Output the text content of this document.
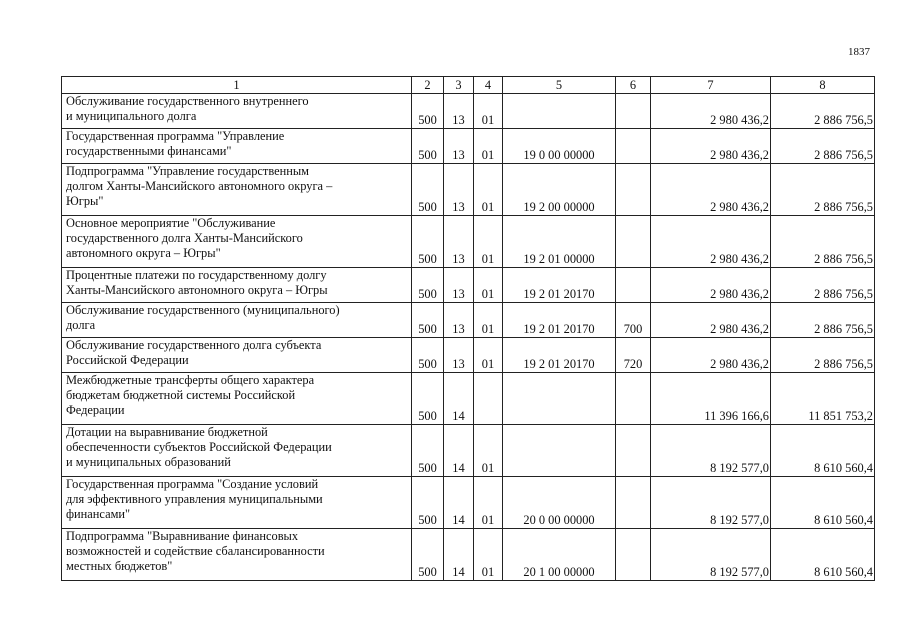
1837
1	2	3	4	5	6	7	8

Обслуживание государственного внутреннего
и муниципального долга	500	13	01			2 980 436,2	2 886 756,5

Государственная программа "Управление
государственными финансами"	500	13	01	19 0 00 00000		2 980 436,2	2 886 756,5

Подпрограмма "Управление государственным
долгом Ханты-Мансийского автономного округа –
Югры"	500	13	01	19 2 00 00000		2 980 436,2	2 886 756,5

Основное мероприятие "Обслуживание
государственного долга Ханты-Мансийского
автономного округа – Югры"	500	13	01	19 2 01 00000		2 980 436,2	2 886 756,5

Процентные платежи по государственному долгу
Ханты-Мансийского автономного округа – Югры	500	13	01	19 2 01 20170		2 980 436,2	2 886 756,5

Обслуживание государственного (муниципального)
долга	500	13	01	19 2 01 20170	700	2 980 436,2	2 886 756,5

Обслуживание государственного долга субъекта
Российской Федерации	500	13	01	19 2 01 20170	720	2 980 436,2	2 886 756,5

Межбюджетные трансферты общего характера
бюджетам бюджетной системы Российской
Федерации	500	14				11 396 166,6	11 851 753,2

Дотации на выравнивание бюджетной
обеспеченности субъектов Российской Федерации
и муниципальных образований	500	14	01			8 192 577,0	8 610 560,4

Государственная программа "Создание условий
для эффективного управления муниципальными
финансами"	500	14	01	20 0 00 00000		8 192 577,0	8 610 560,4

Подпрограмма "Выравнивание финансовых
возможностей и содействие сбалансированности
местных бюджетов"	500	14	01	20 1 00 00000		8 192 577,0	8 610 560,4
